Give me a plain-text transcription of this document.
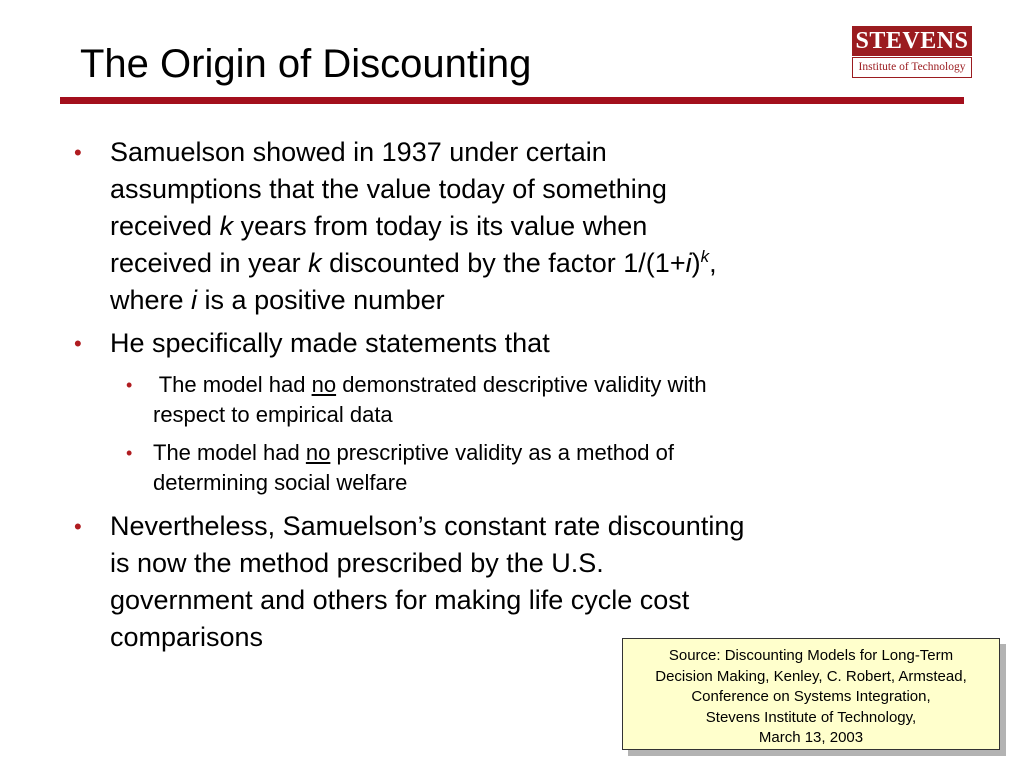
The Origin of Discounting
STEVENS
Institute of Technology
• Samuelson showed in 1937 under certain
assumptions that the value today of something
received k years from today is its value when
received in year k discounted by the factor $1/(1+i)^k$,
where i is a positive number
• He specifically made statements that
• The model had no demonstrated descriptive validity with
respect to empirical data
• The model had no prescriptive validity as a method of
determining social welfare
• Nevertheless, Samuelson’s constant rate discounting
is now the method prescribed by the U.S.
government and others for making life cycle cost
comparisons
Source: Discounting Models for Long-Term
Decision Making, Kenley, C. Robert, Armstead,
Conference on Systems Integration,
Stevens Institute of Technology,
March 13, 2003
